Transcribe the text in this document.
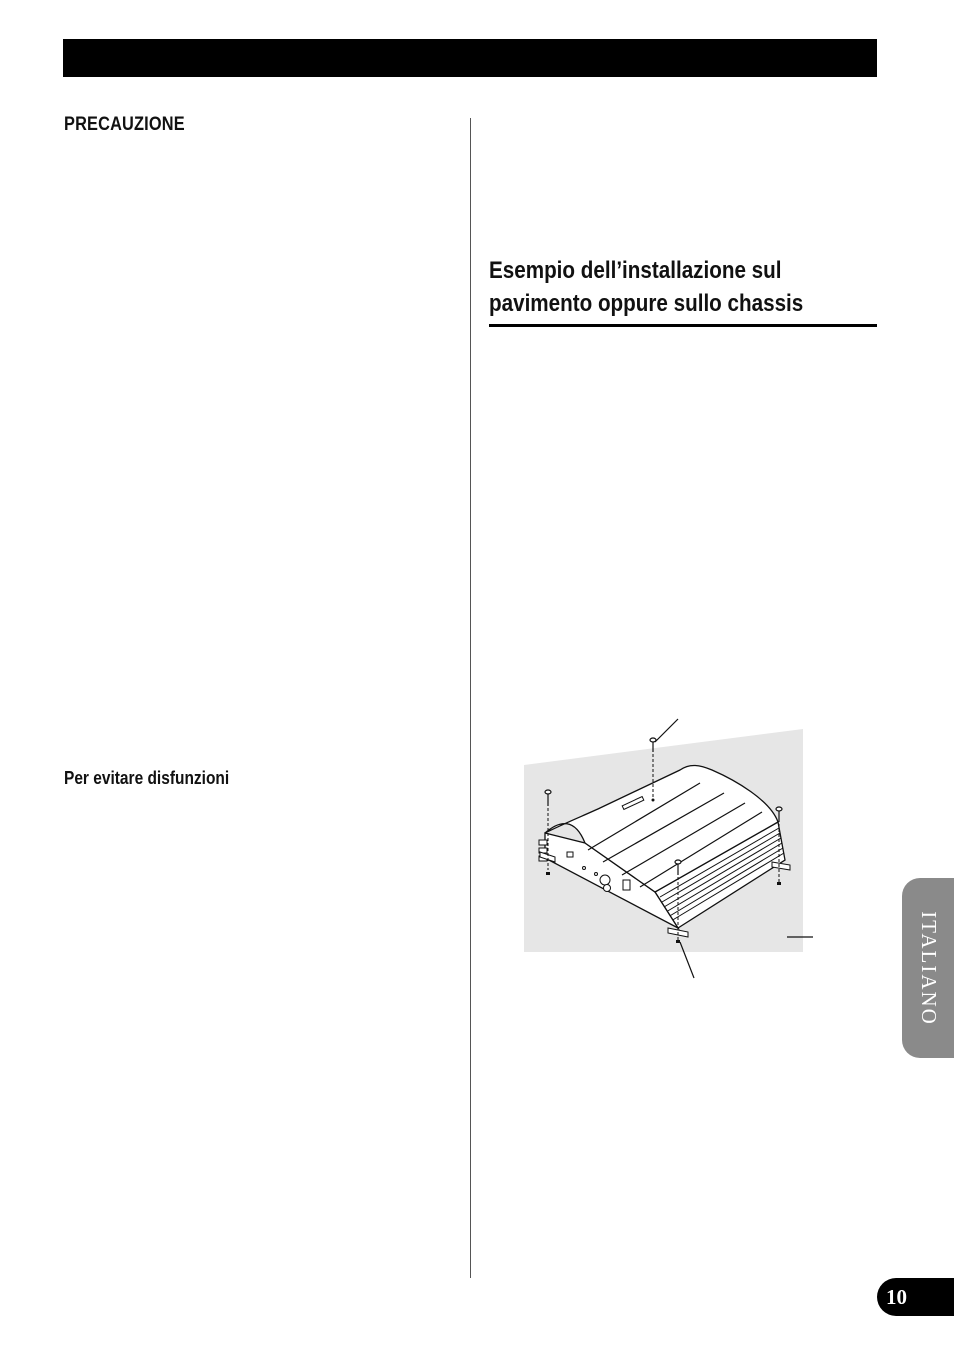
PRECAUZIONE
Per evitare disfunzioni
Esempio dell’installazione sul
pavimento oppure sullo chassis
ITALIANO
10
